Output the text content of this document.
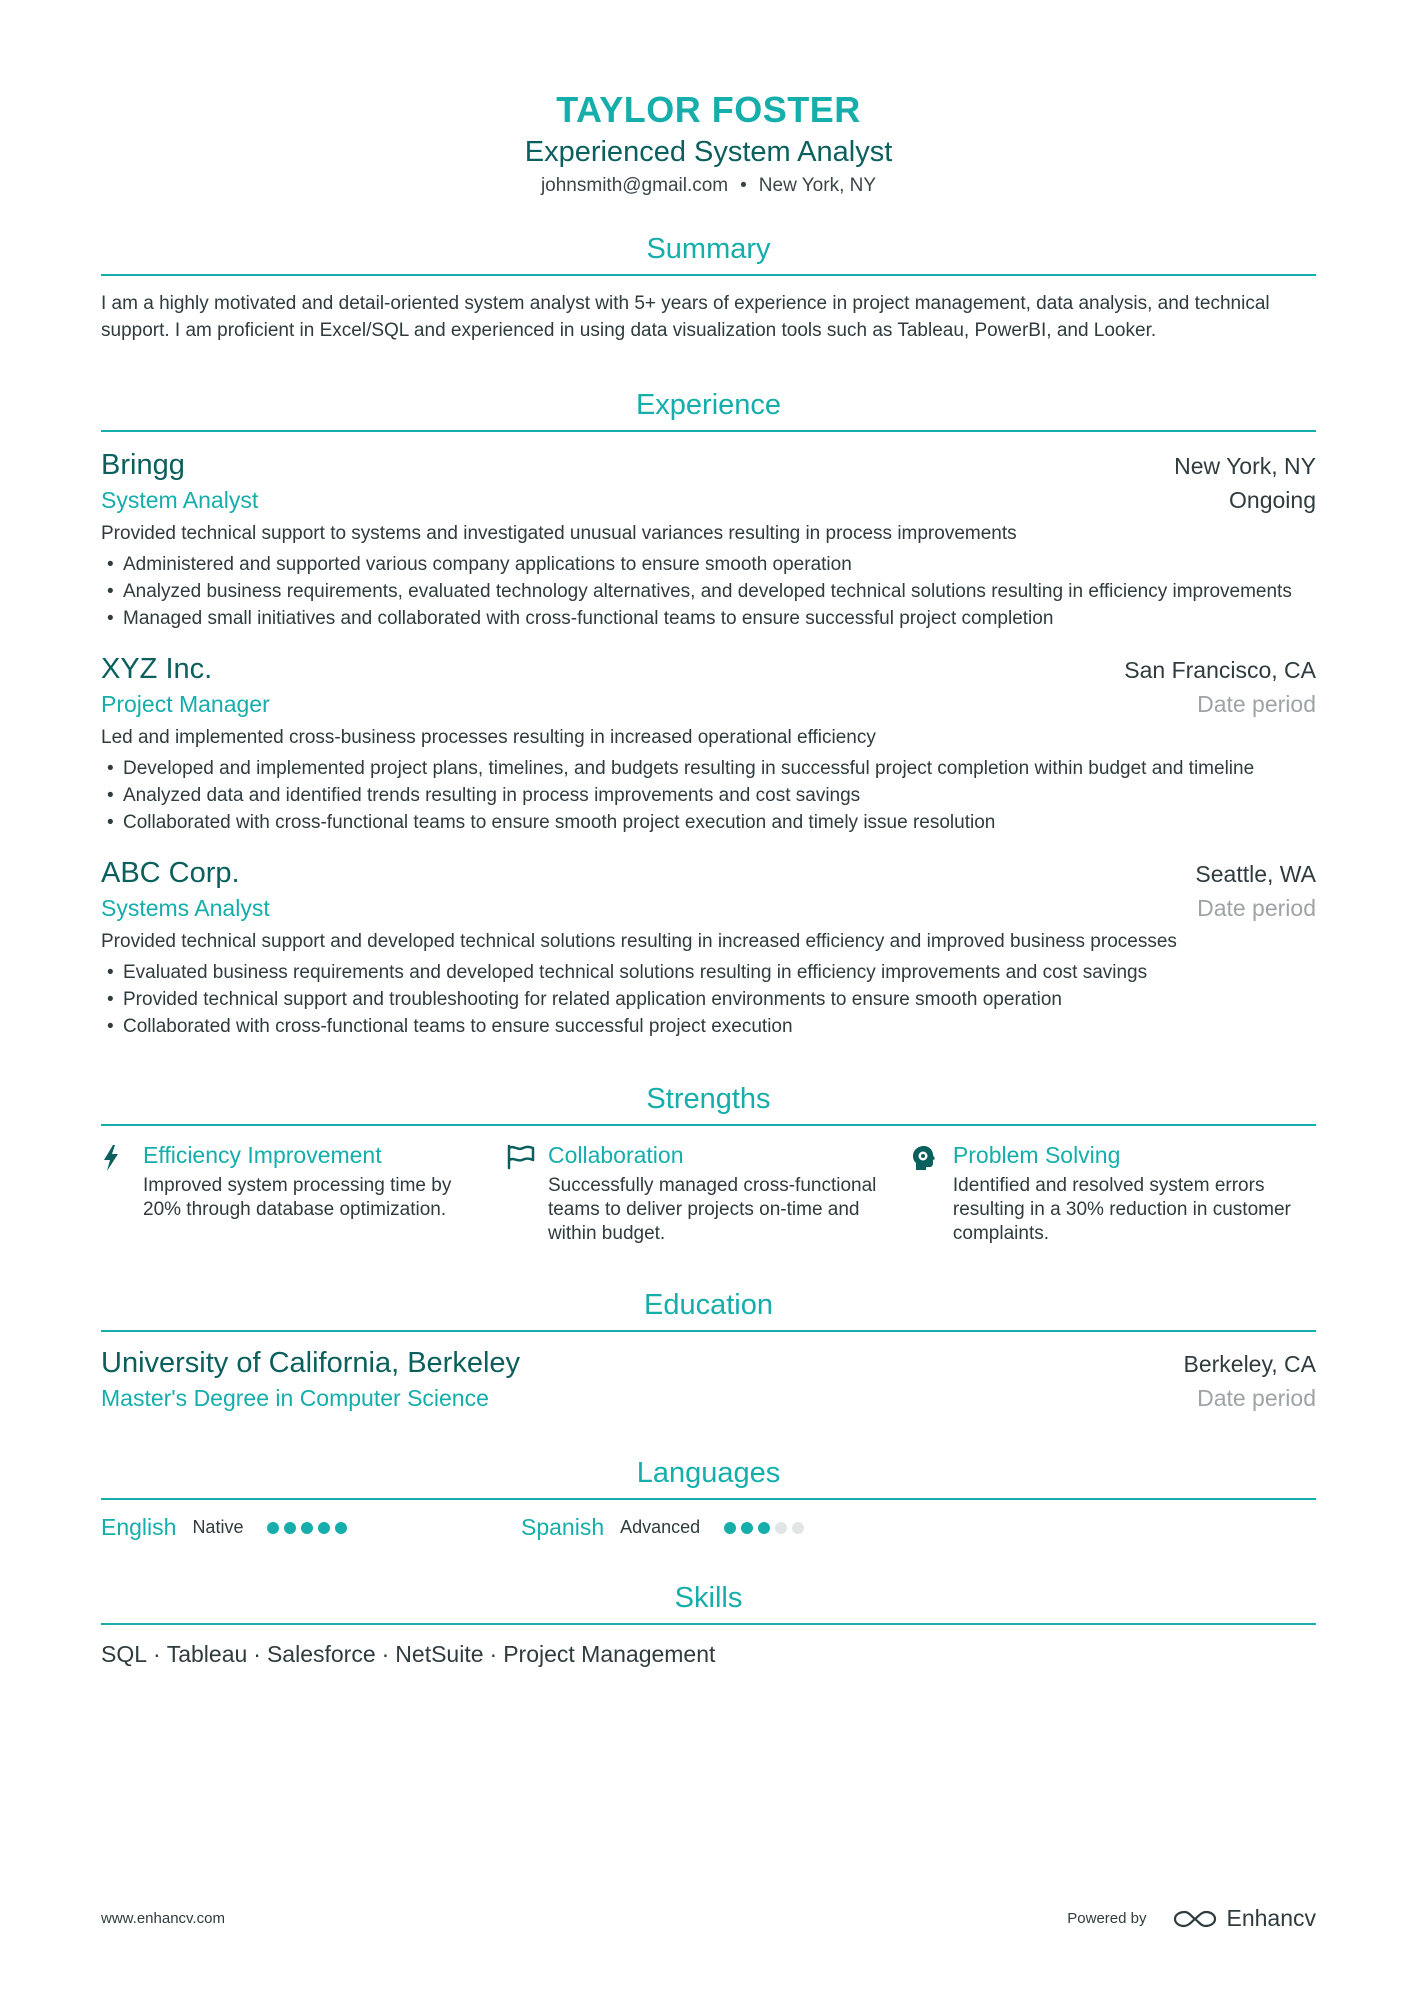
TAYLOR FOSTER
Experienced System Analyst
johnsmith@gmail.com • New York, NY
Summary
I am a highly motivated and detail-oriented system analyst with 5+ years of experience in project management, data analysis, and technical support. I am proficient in Excel/SQL and experienced in using data visualization tools such as Tableau, PowerBI, and Looker.
Experience
Bringg	New York, NY
System Analyst	Ongoing
Provided technical support to systems and investigated unusual variances resulting in process improvements
• Administered and supported various company applications to ensure smooth operation
• Analyzed business requirements, evaluated technology alternatives, and developed technical solutions resulting in efficiency improvements
• Managed small initiatives and collaborated with cross-functional teams to ensure successful project completion
XYZ Inc.	San Francisco, CA
Project Manager	Date period
Led and implemented cross-business processes resulting in increased operational efficiency
• Developed and implemented project plans, timelines, and budgets resulting in successful project completion within budget and timeline
• Analyzed data and identified trends resulting in process improvements and cost savings
• Collaborated with cross-functional teams to ensure smooth project execution and timely issue resolution
ABC Corp.	Seattle, WA
Systems Analyst	Date period
Provided technical support and developed technical solutions resulting in increased efficiency and improved business processes
• Evaluated business requirements and developed technical solutions resulting in efficiency improvements and cost savings
• Provided technical support and troubleshooting for related application environments to ensure smooth operation
• Collaborated with cross-functional teams to ensure successful project execution
Strengths
Efficiency Improvement
Improved system processing time by 20% through database optimization.
Collaboration
Successfully managed cross-functional teams to deliver projects on-time and within budget.
Problem Solving
Identified and resolved system errors resulting in a 30% reduction in customer complaints.
Education
University of California, Berkeley	Berkeley, CA
Master's Degree in Computer Science	Date period
Languages
English Native	Spanish Advanced
Skills
SQL · Tableau · Salesforce · NetSuite · Project Management
www.enhancv.com	Powered by	Enhancv
